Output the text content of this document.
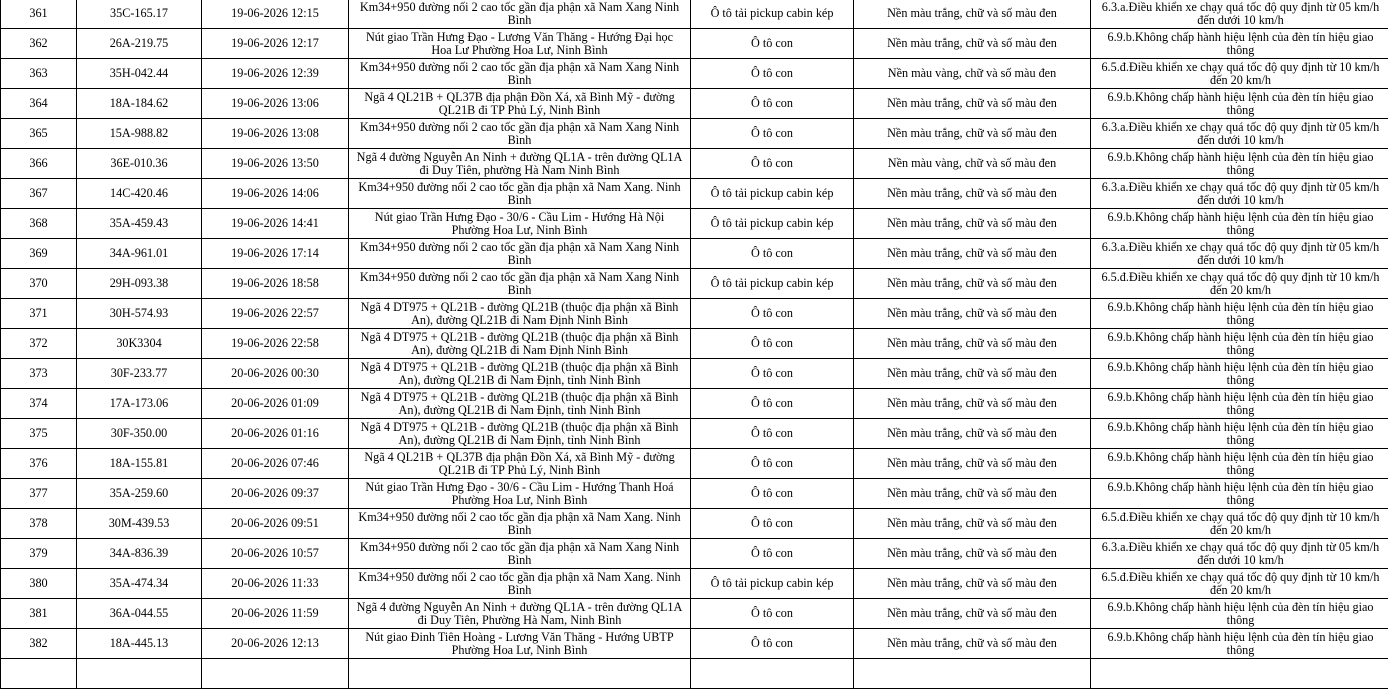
361	35C-165.17	19-06-2026 12:15	Km34+950 đường nối 2 cao tốc gần địa phận xã Nam Xang Ninh Bình	Ô tô tải pickup cabin kép	Nền màu trắng, chữ và số màu đen	6.3.a.Điều khiển xe chạy quá tốc độ quy định từ 05 km/h đến dưới 10 km/h
362	26A-219.75	19-06-2026 12:17	Nút giao Trần Hưng Đạo - Lương Văn Thăng - Hướng Đại học Hoa Lư Phường Hoa Lư, Ninh Bình	Ô tô con	Nền màu trắng, chữ và số màu đen	6.9.b.Không chấp hành hiệu lệnh của đèn tín hiệu giao thông
363	35H-042.44	19-06-2026 12:39	Km34+950 đường nối 2 cao tốc gần địa phận xã Nam Xang Ninh Bình	Ô tô con	Nền màu vàng, chữ và số màu đen	6.5.đ.Điều khiển xe chạy quá tốc độ quy định từ 10 km/h đến 20 km/h
364	18A-184.62	19-06-2026 13:06	Ngã 4 QL21B + QL37B địa phận Đồn Xá, xã Bình Mỹ - đường QL21B đi TP Phủ Lý, Ninh Bình	Ô tô con	Nền màu trắng, chữ và số màu đen	6.9.b.Không chấp hành hiệu lệnh của đèn tín hiệu giao thông
365	15A-988.82	19-06-2026 13:08	Km34+950 đường nối 2 cao tốc gần địa phận xã Nam Xang Ninh Bình	Ô tô con	Nền màu trắng, chữ và số màu đen	6.3.a.Điều khiển xe chạy quá tốc độ quy định từ 05 km/h đến dưới 10 km/h
366	36E-010.36	19-06-2026 13:50	Ngã 4 đường Nguyễn An Ninh + đường QL1A - trên đường QL1A đi Duy Tiên, phường Hà Nam Ninh Bình	Ô tô con	Nền màu vàng, chữ và số màu đen	6.9.b.Không chấp hành hiệu lệnh của đèn tín hiệu giao thông
367	14C-420.46	19-06-2026 14:06	Km34+950 đường nối 2 cao tốc gần địa phận xã Nam Xang. Ninh Bình	Ô tô tải pickup cabin kép	Nền màu trắng, chữ và số màu đen	6.3.a.Điều khiển xe chạy quá tốc độ quy định từ 05 km/h đến dưới 10 km/h
368	35A-459.43	19-06-2026 14:41	Nút giao Trần Hưng Đạo - 30/6 - Cầu Lim - Hướng Hà Nội Phường Hoa Lư, Ninh Bình	Ô tô tải pickup cabin kép	Nền màu trắng, chữ và số màu đen	6.9.b.Không chấp hành hiệu lệnh của đèn tín hiệu giao thông
369	34A-961.01	19-06-2026 17:14	Km34+950 đường nối 2 cao tốc gần địa phận xã Nam Xang Ninh Bình	Ô tô con	Nền màu trắng, chữ và số màu đen	6.3.a.Điều khiển xe chạy quá tốc độ quy định từ 05 km/h đến dưới 10 km/h
370	29H-093.38	19-06-2026 18:58	Km34+950 đường nối 2 cao tốc gần địa phận xã Nam Xang Ninh Bình	Ô tô tải pickup cabin kép	Nền màu trắng, chữ và số màu đen	6.5.đ.Điều khiển xe chạy quá tốc độ quy định từ 10 km/h đến 20 km/h
371	30H-574.93	19-06-2026 22:57	Ngã 4 DT975 + QL21B - đường QL21B (thuộc địa phận xã Bình An), đường QL21B đi Nam Định Ninh Bình	Ô tô con	Nền màu trắng, chữ và số màu đen	6.9.b.Không chấp hành hiệu lệnh của đèn tín hiệu giao thông
372	30K3304	19-06-2026 22:58	Ngã 4 DT975 + QL21B - đường QL21B (thuộc địa phận xã Bình An), đường QL21B đi Nam Định Ninh Bình	Ô tô con	Nền màu trắng, chữ và số màu đen	6.9.b.Không chấp hành hiệu lệnh của đèn tín hiệu giao thông
373	30F-233.77	20-06-2026 00:30	Ngã 4 DT975 + QL21B - đường QL21B (thuộc địa phận xã Bình An), đường QL21B đi Nam Định, tỉnh Ninh Bình	Ô tô con	Nền màu trắng, chữ và số màu đen	6.9.b.Không chấp hành hiệu lệnh của đèn tín hiệu giao thông
374	17A-173.06	20-06-2026 01:09	Ngã 4 DT975 + QL21B - đường QL21B (thuộc địa phận xã Bình An), đường QL21B đi Nam Định, tỉnh Ninh Bình	Ô tô con	Nền màu trắng, chữ và số màu đen	6.9.b.Không chấp hành hiệu lệnh của đèn tín hiệu giao thông
375	30F-350.00	20-06-2026 01:16	Ngã 4 DT975 + QL21B - đường QL21B (thuộc địa phận xã Bình An), đường QL21B đi Nam Định, tỉnh Ninh Bình	Ô tô con	Nền màu trắng, chữ và số màu đen	6.9.b.Không chấp hành hiệu lệnh của đèn tín hiệu giao thông
376	18A-155.81	20-06-2026 07:46	Ngã 4 QL21B + QL37B địa phận Đồn Xá, xã Bình Mỹ - đường QL21B đi TP Phủ Lý, Ninh Bình	Ô tô con	Nền màu trắng, chữ và số màu đen	6.9.b.Không chấp hành hiệu lệnh của đèn tín hiệu giao thông
377	35A-259.60	20-06-2026 09:37	Nút giao Trần Hưng Đạo - 30/6 - Cầu Lim - Hướng Thanh Hoá Phường Hoa Lư, Ninh Bình	Ô tô con	Nền màu trắng, chữ và số màu đen	6.9.b.Không chấp hành hiệu lệnh của đèn tín hiệu giao thông
378	30M-439.53	20-06-2026 09:51	Km34+950 đường nối 2 cao tốc gần địa phận xã Nam Xang. Ninh Bình	Ô tô con	Nền màu trắng, chữ và số màu đen	6.5.đ.Điều khiển xe chạy quá tốc độ quy định từ 10 km/h đến 20 km/h
379	34A-836.39	20-06-2026 10:57	Km34+950 đường nối 2 cao tốc gần địa phận xã Nam Xang Ninh Bình	Ô tô con	Nền màu trắng, chữ và số màu đen	6.3.a.Điều khiển xe chạy quá tốc độ quy định từ 05 km/h đến dưới 10 km/h
380	35A-474.34	20-06-2026 11:33	Km34+950 đường nối 2 cao tốc gần địa phận xã Nam Xang. Ninh Bình	Ô tô tải pickup cabin kép	Nền màu trắng, chữ và số màu đen	6.5.đ.Điều khiển xe chạy quá tốc độ quy định từ 10 km/h đến 20 km/h
381	36A-044.55	20-06-2026 11:59	Ngã 4 đường Nguyễn An Ninh + đường QL1A - trên đường QL1A đi Duy Tiên, Phường Hà Nam, Ninh Bình	Ô tô con	Nền màu trắng, chữ và số màu đen	6.9.b.Không chấp hành hiệu lệnh của đèn tín hiệu giao thông
382	18A-445.13	20-06-2026 12:13	Nút giao Đinh Tiên Hoàng - Lương Văn Thăng - Hướng UBTP Phường Hoa Lư, Ninh Bình	Ô tô con	Nền màu trắng, chữ và số màu đen	6.9.b.Không chấp hành hiệu lệnh của đèn tín hiệu giao thông
